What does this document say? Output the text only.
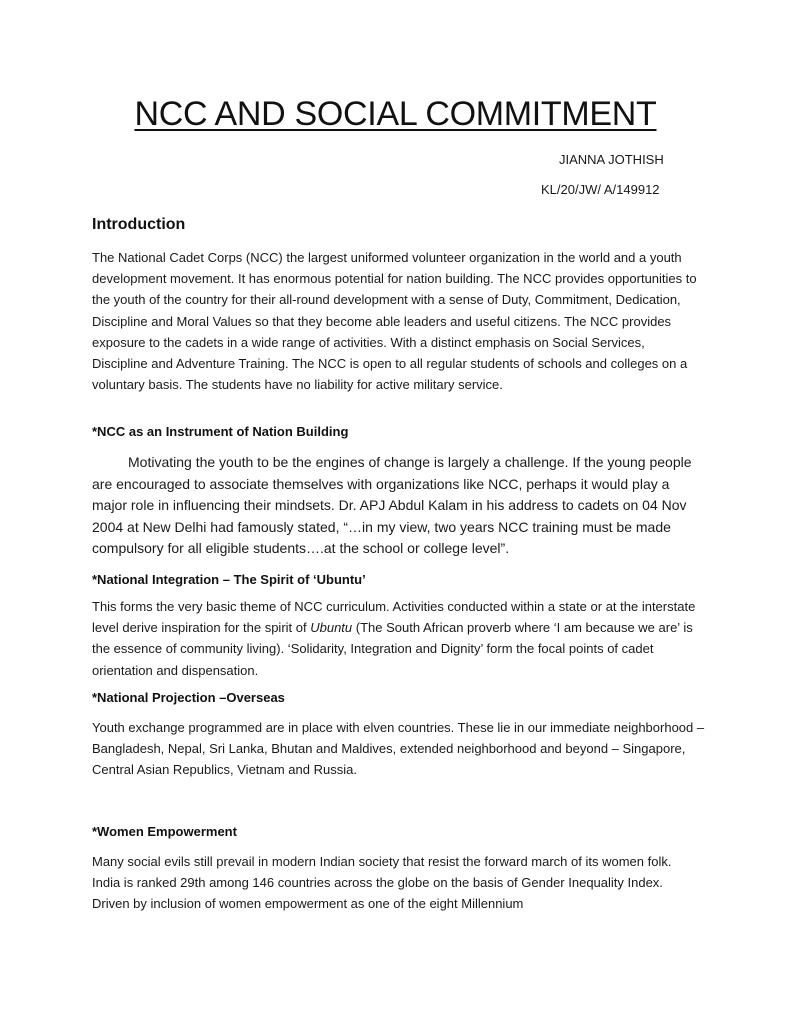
NCC AND SOCIAL COMMITMENT

JIANNA JOTHISH

KL/20/JW/ A/149912

Introduction

The National Cadet Corps (NCC) the largest uniformed volunteer organization in the world and a youth development movement. It has enormous potential for nation building. The NCC provides opportunities to the youth of the country for their all-round development with a sense of Duty, Commitment, Dedication, Discipline and Moral Values so that they become able leaders and useful citizens. The NCC provides exposure to the cadets in a wide range of activities. With a distinct emphasis on Social Services, Discipline and Adventure Training. The NCC is open to all regular students of schools and colleges on a voluntary basis. The students have no liability for active military service.

*NCC as an Instrument of Nation Building

Motivating the youth to be the engines of change is largely a challenge. If the young people are encouraged to associate themselves with organizations like NCC, perhaps it would play a major role in influencing their mindsets. Dr. APJ Abdul Kalam in his address to cadets on 04 Nov 2004 at New Delhi had famously stated, “…in my view, two years NCC training must be made compulsory for all eligible students….at the school or college level”.

*National Integration – The Spirit of ‘Ubuntu’

This forms the very basic theme of NCC curriculum. Activities conducted within a state or at the interstate level derive inspiration for the spirit of Ubuntu (The South African proverb where ‘I am because we are’ is the essence of community living). ‘Solidarity, Integration and Dignity’ form the focal points of cadet orientation and dispensation.

*National Projection –Overseas

Youth exchange programmed are in place with elven countries. These lie in our immediate neighborhood – Bangladesh, Nepal, Sri Lanka, Bhutan and Maldives, extended neighborhood and beyond – Singapore, Central Asian Republics, Vietnam and Russia.

*Women Empowerment

Many social evils still prevail in modern Indian society that resist the forward march of its women folk. India is ranked 29th among 146 countries across the globe on the basis of Gender Inequality Index. Driven by inclusion of women empowerment as one of the eight Millennium
